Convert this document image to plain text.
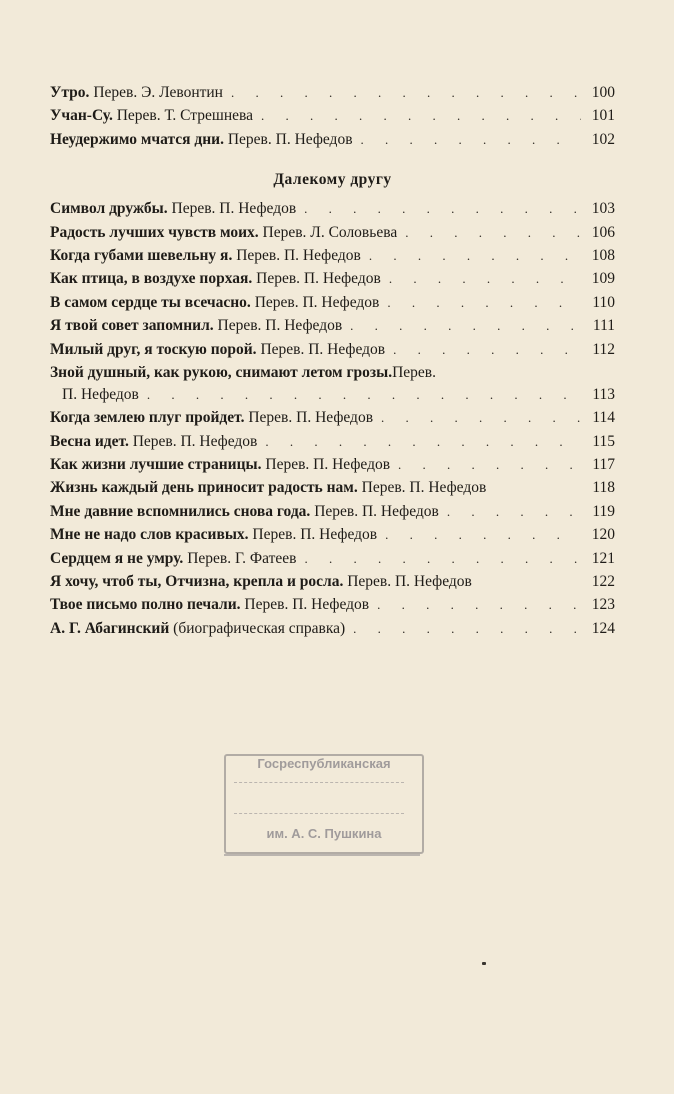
Утро. Перев. Э. Левонтин . . .	100
Учан-Су. Перев. Т. Стрешнева . . .	101
Неудержимо мчатся дни. Перев. П. Нефедов . . .	102
Далекому другу
Символ дружбы. Перев. П. Нефедов . . .	103
Радость лучших чувств моих. Перев. Л. Соловьева . . .	106
Когда губами шевельну я. Перев. П. Нефедов . . .	108
Как птица, в воздухе порхая. Перев. П. Нефедов . . .	109
В самом сердце ты всечасно. Перев. П. Нефедов . . .	110
Я твой совет запомнил. Перев. П. Нефедов . . .	111
Милый друг, я тоскую порой. Перев. П. Нефедов . . .	112
Зной душный, как рукою, снимают летом грозы. Перев.
П. Нефедов . . .	113
Когда землею плуг пройдет. Перев. П. Нефедов . . .	114
Весна идет. Перев. П. Нефедов . . .	115
Как жизни лучшие страницы. Перев. П. Нефедов . . .	117
Жизнь каждый день приносит радость нам. Перев. П. Нефедов	118
Мне давние вспомнились снова года. Перев. П. Нефедов . . .	119
Мне не надо слов красивых. Перев. П. Нефедов . . .	120
Сердцем я не умру. Перев. Г. Фатеев . . .	121
Я хочу, чтоб ты, Отчизна, крепла и росла. Перев. П. Нефедов	122
Твое письмо полно печали. Перев. П. Нефедов . . .	123
А. Г. Абагинский (биографическая справка) . . .	124
Госреспубликанская
им. А. С. Пушкина
